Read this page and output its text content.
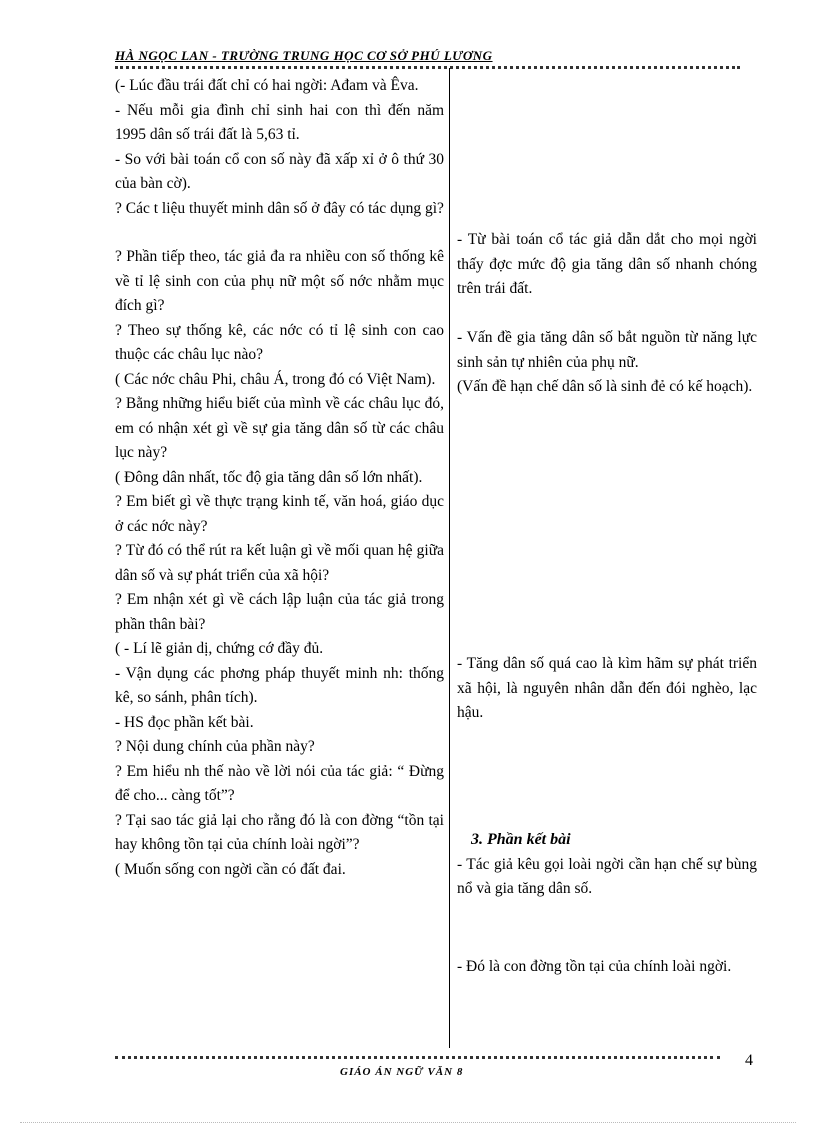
HÀ NGỌC LAN - TRƯỜNG TRUNG HỌC CƠ SỞ PHÚ LƯƠNG

(- Lúc đầu trái đất chỉ có hai ngời: Ađam và Êva.

- Nếu mỗi gia đình chỉ sinh hai con thì đến năm 1995 dân số trái đất là 5,63 tỉ.

- So với bài toán cổ con số này đã xấp xỉ ở ô thứ 30 của bàn cờ).

? Các t liệu thuyết minh dân số ở đây có tác dụng gì?

? Phần tiếp theo, tác giả đa ra nhiều con số thống kê về tỉ lệ sinh con của phụ nữ một số nớc nhằm mục đích gì?

? Theo sự thống kê, các nớc có tỉ lệ sinh con cao thuộc các châu lục nào?

( Các nớc châu Phi, châu Á, trong đó có Việt Nam).

? Bằng những hiểu biết của mình về các châu lục đó, em có nhận xét gì về sự gia tăng dân số từ các châu lục này?

( Đông dân nhất, tốc độ gia tăng dân số lớn nhất).

? Em biết gì về thực trạng kinh tế, văn hoá, giáo dục ở các nớc này?

? Từ đó có thể rút ra kết luận gì về mối quan hệ giữa dân số và sự phát triển của xã hội?

? Em nhận xét gì về cách lập luận của tác giả trong phần thân bài?

( - Lí lẽ giản dị, chứng cớ đầy đủ.

- Vận dụng các phơng pháp thuyết minh nh: thống kê, so sánh, phân tích).

- HS đọc phần kết bài.

? Nội dung chính của phần này?

? Em hiểu nh thế nào về lời nói của tác giả: “ Đừng để cho... càng tốt”?

? Tại sao tác giả lại cho rằng đó là con đờng “tồn tại hay không tồn tại của chính loài ngời”?

( Muốn sống con ngời cần có đất đai.

- Từ bài toán cổ tác giả dẫn dắt cho mọi ngời thấy đợc mức độ gia tăng dân số nhanh chóng trên trái đất.

- Vấn đề gia tăng dân số bắt nguồn từ năng lực sinh sản tự nhiên của phụ nữ.

(Vấn đề hạn chế dân số là sinh đẻ có kế hoạch).

- Tăng dân số quá cao là kìm hãm sự phát triển xã hội, là nguyên nhân dẫn đến đói nghèo, lạc hậu.

3. Phần kết bài

- Tác giả kêu gọi loài ngời cần hạn chế sự bùng nổ và gia tăng dân số.

- Đó là con đờng tồn tại của chính loài ngời.

4
GIÁO ÁN NGỮ VĂN 8
